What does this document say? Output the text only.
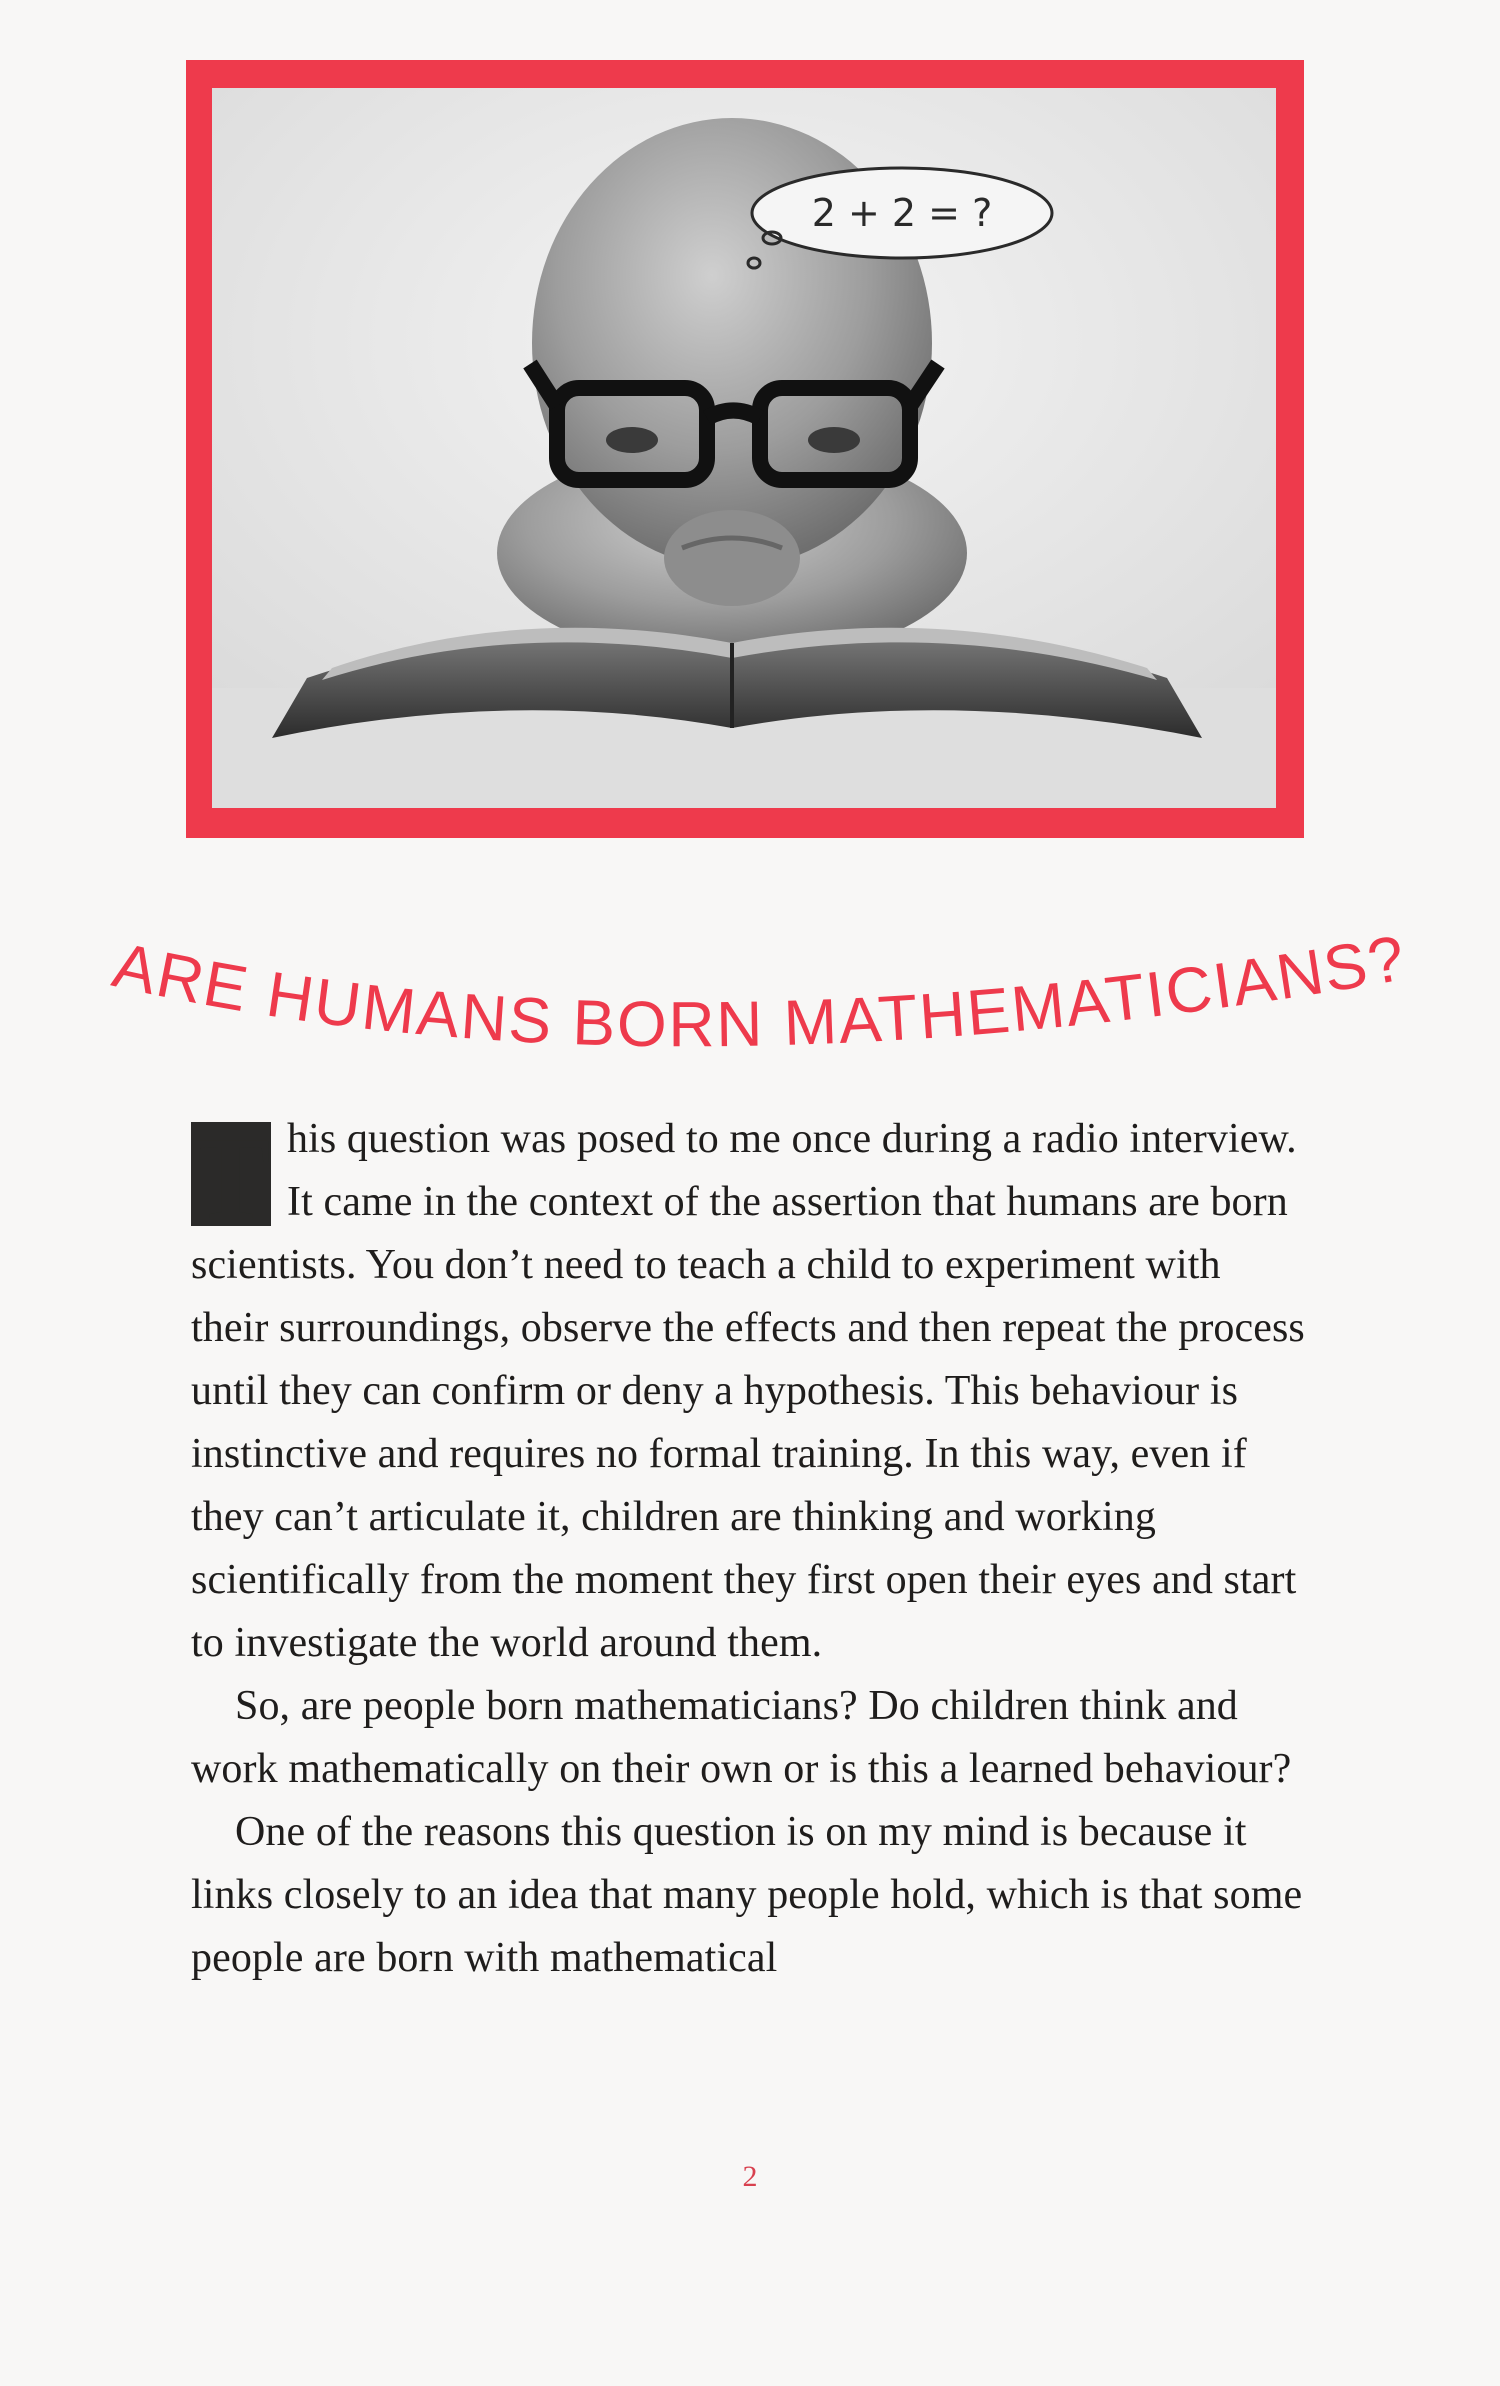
2 + 2 = ?
ARE HUMANS BORN MATHEMATICIANS?

T his question was posed to me once during a radio interview. It came in the context of the assertion that humans are born scientists. You don’t need to teach a child to experiment with their surroundings, observe the effects and then repeat the process until they can confirm or deny a hypothesis. This behaviour is instinctive and requires no formal training. In this way, even if they can’t articulate it, children are thinking and working scientifically from the moment they first open their eyes and start to investigate the world around them.

So, are people born mathematicians? Do children think and work mathematically on their own or is this a learned behaviour?

One of the reasons this question is on my mind is because it links closely to an idea that many people hold, which is that some people are born with mathematical

2
